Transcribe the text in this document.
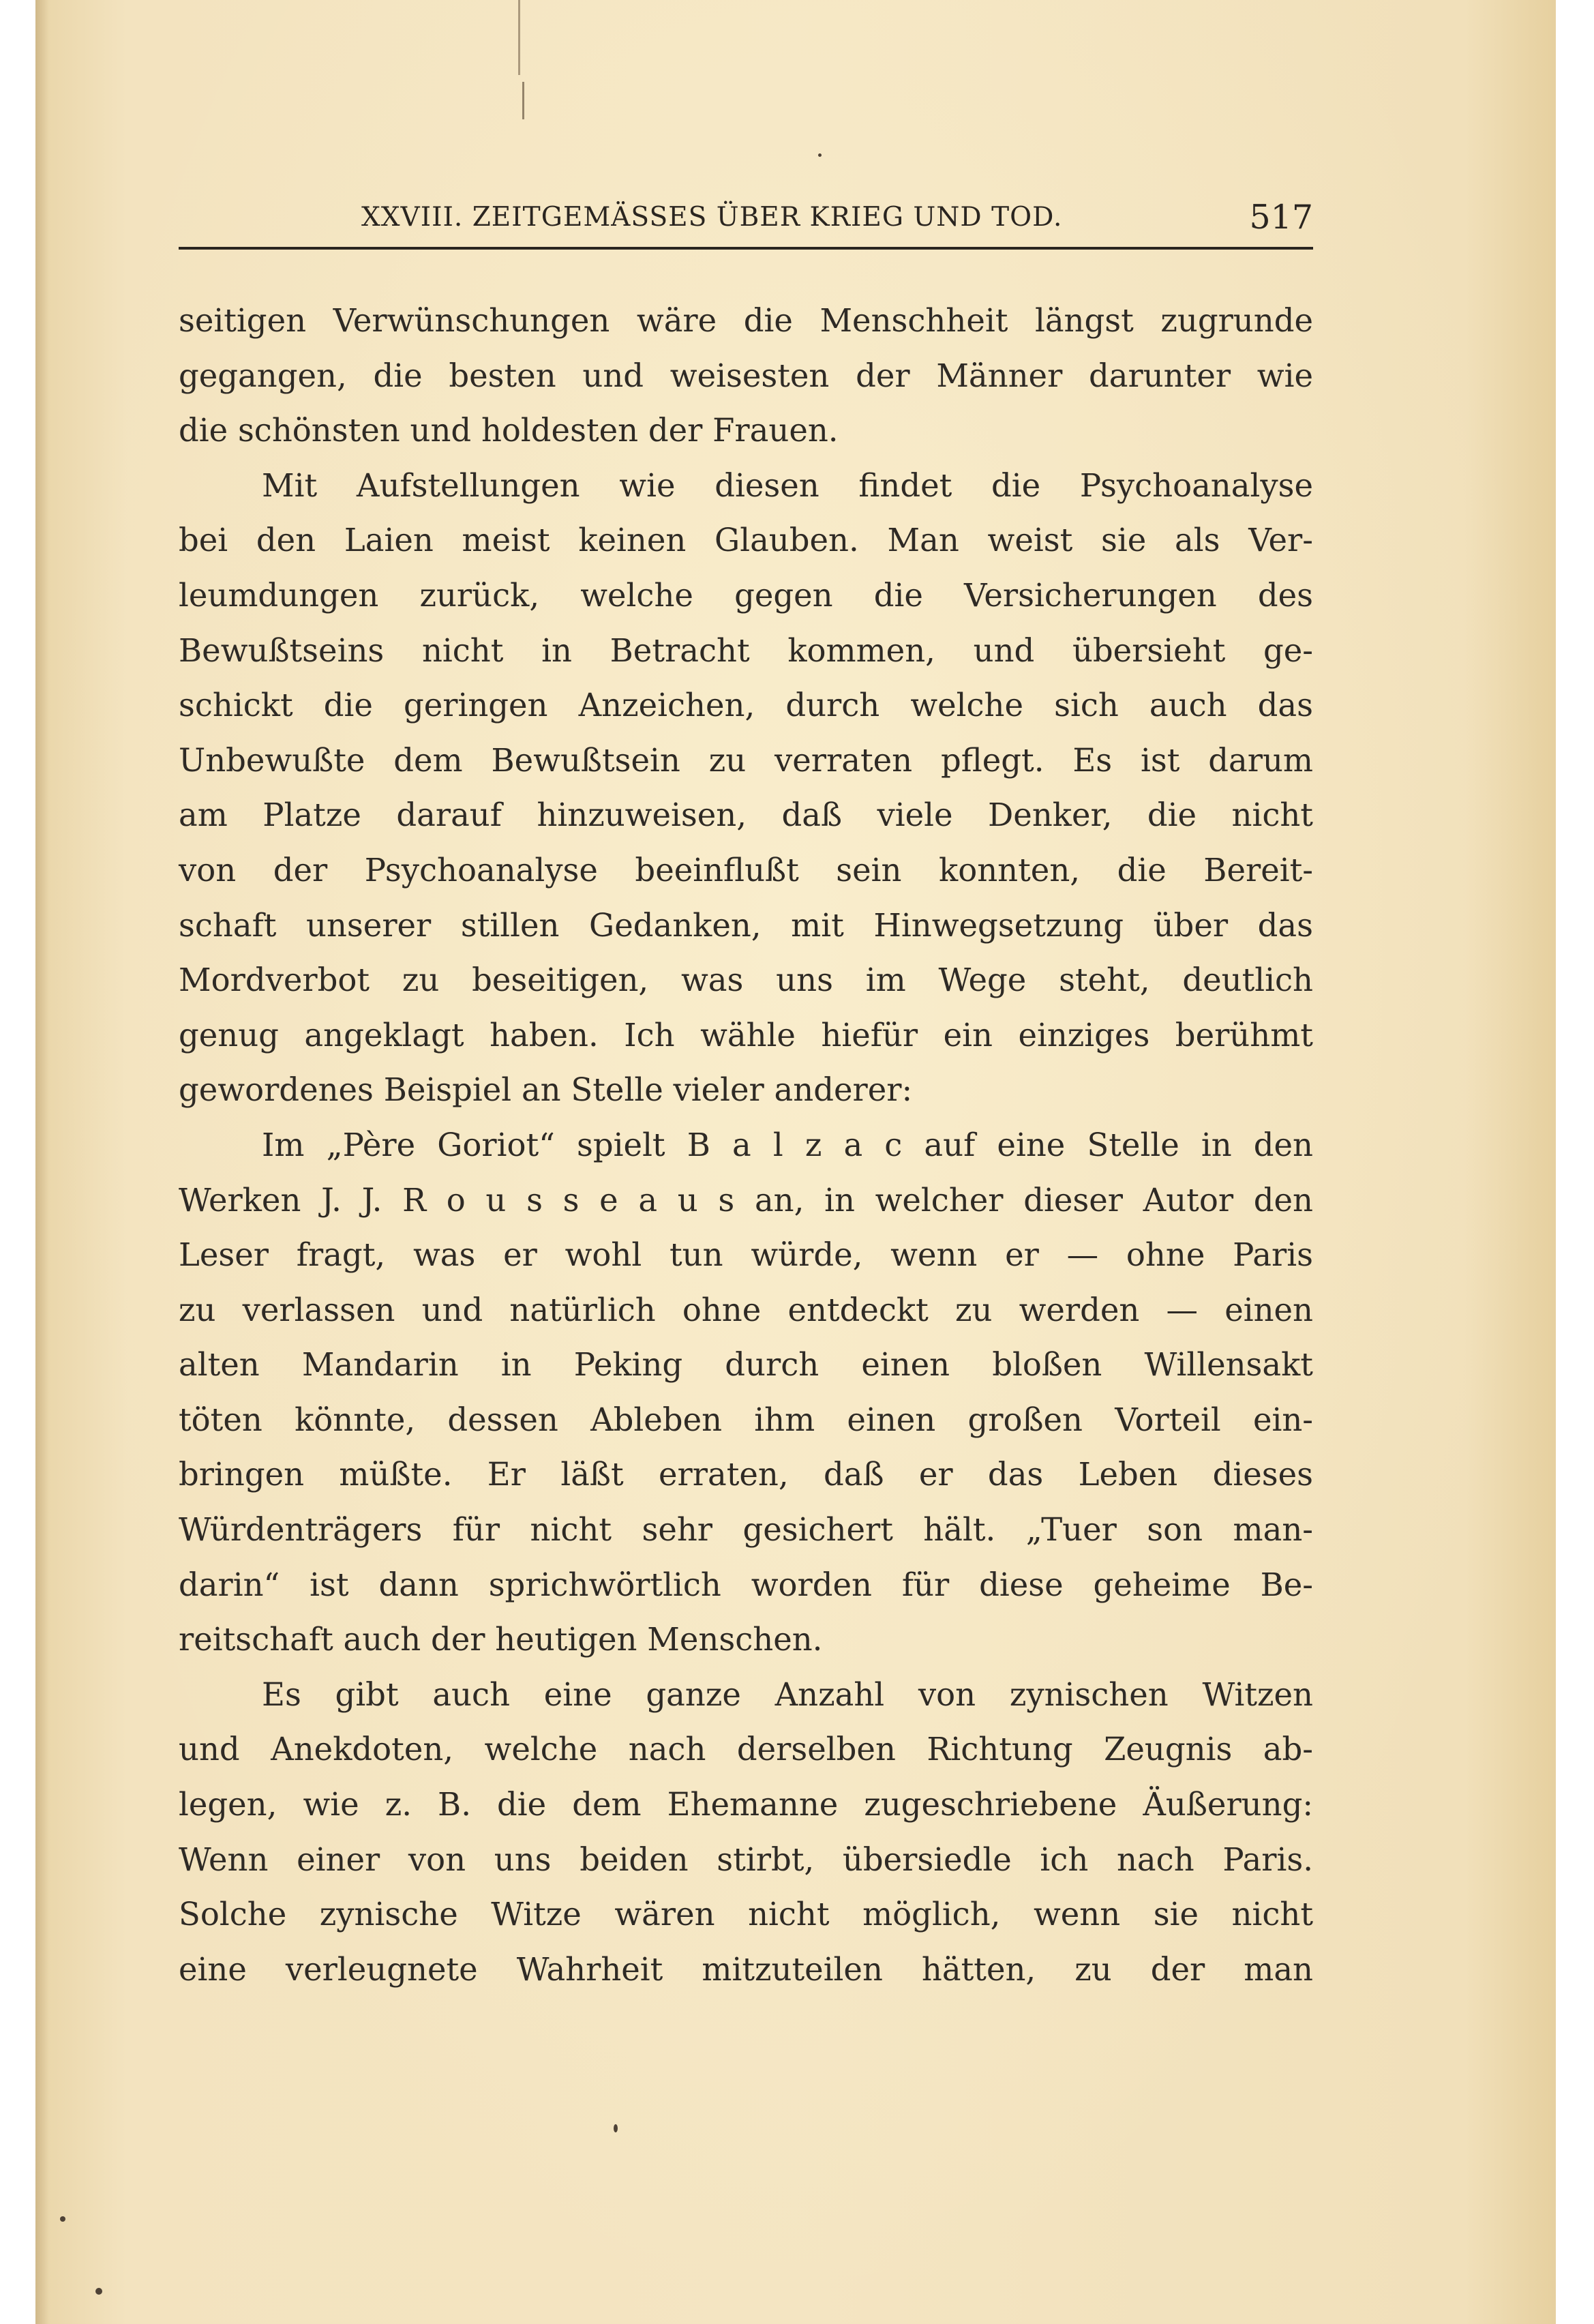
XXVIII. ZEITGEMÄSSES ÜBER KRIEG UND TOD.	517
seitigen Verwünschungen wäre die Menschheit längst zugrunde
gegangen, die besten und weisesten der Männer darunter wie
die schönsten und holdesten der Frauen.
Mit Aufstellungen wie diesen findet die Psychoanalyse
bei den Laien meist keinen Glauben. Man weist sie als Ver-
leumdungen zurück, welche gegen die Versicherungen des
Bewußtseins nicht in Betracht kommen, und übersieht ge-
schickt die geringen Anzeichen, durch welche sich auch das
Unbewußte dem Bewußtsein zu verraten pflegt. Es ist darum
am Platze darauf hinzuweisen, daß viele Denker, die nicht
von der Psychoanalyse beeinflußt sein konnten, die Bereit-
schaft unserer stillen Gedanken, mit Hinwegsetzung über das
Mordverbot zu beseitigen, was uns im Wege steht, deutlich
genug angeklagt haben. Ich wähle hiefür ein einziges berühmt
gewordenes Beispiel an Stelle vieler anderer:
Im „Père Goriot“ spielt B a l z a c auf eine Stelle in den
Werken J. J. R o u s s e a u s an, in welcher dieser Autor den
Leser fragt, was er wohl tun würde, wenn er — ohne Paris
zu verlassen und natürlich ohne entdeckt zu werden — einen
alten Mandarin in Peking durch einen bloßen Willensakt
töten könnte, dessen Ableben ihm einen großen Vorteil ein-
bringen müßte. Er läßt erraten, daß er das Leben dieses
Würdenträgers für nicht sehr gesichert hält. „Tuer son man-
darin“ ist dann sprichwörtlich worden für diese geheime Be-
reitschaft auch der heutigen Menschen.
Es gibt auch eine ganze Anzahl von zynischen Witzen
und Anekdoten, welche nach derselben Richtung Zeugnis ab-
legen, wie z. B. die dem Ehemanne zugeschriebene Äußerung:
Wenn einer von uns beiden stirbt, übersiedle ich nach Paris.
Solche zynische Witze wären nicht möglich, wenn sie nicht
eine verleugnete Wahrheit mitzuteilen hätten, zu der man
